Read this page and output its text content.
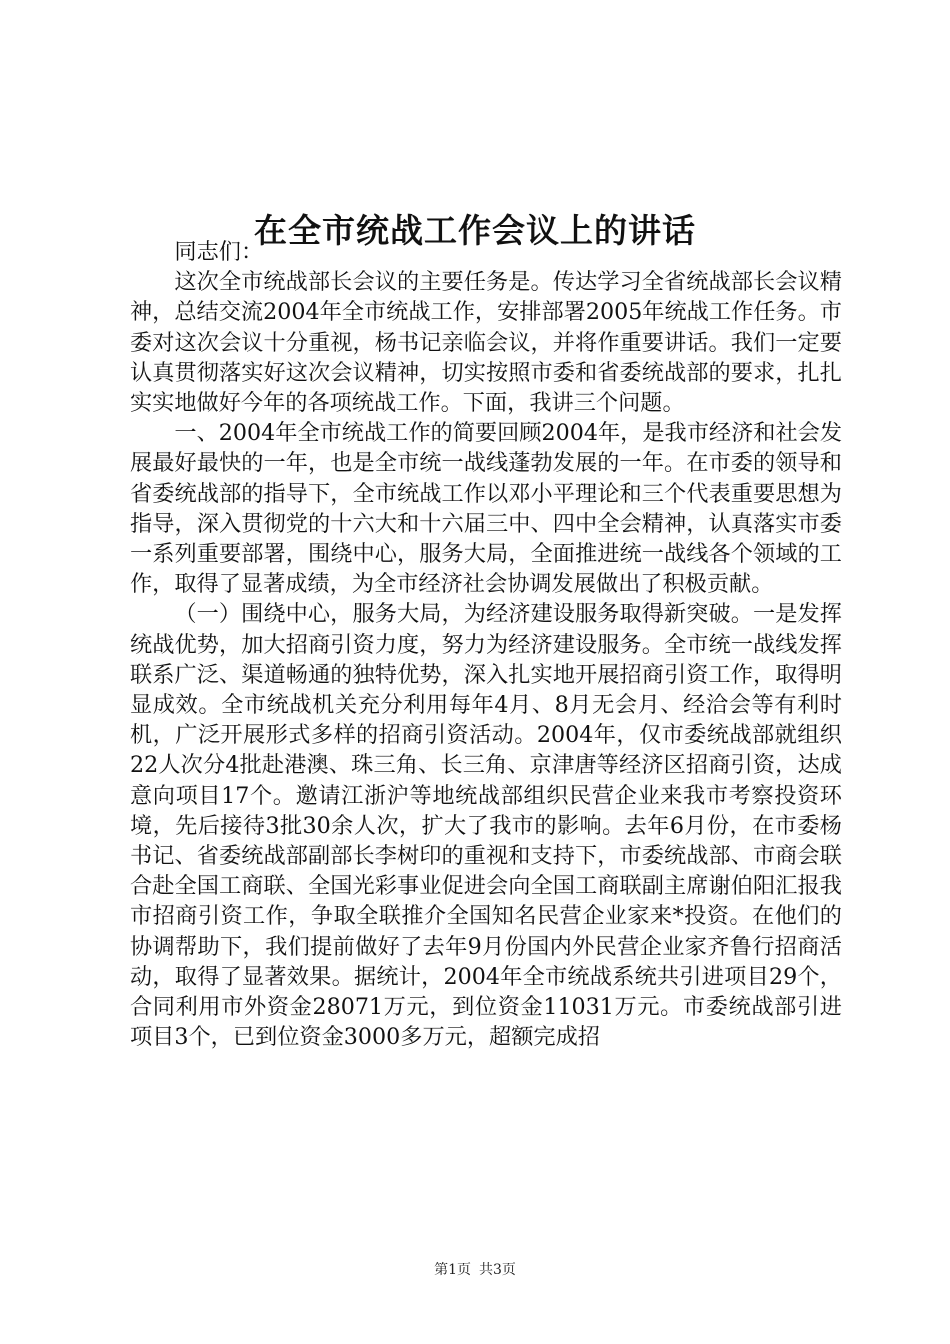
在全市统战工作会议上的讲话

同志们：

这次全市统战部长会议的主要任务是。传达学习全省统战部长会议精神，总结交流2004年全市统战工作，安排部署2005年统战工作任务。市委对这次会议十分重视，杨书记亲临会议，并将作重要讲话。我们一定要认真贯彻落实好这次会议精神，切实按照市委和省委统战部的要求，扎扎实实地做好今年的各项统战工作。下面，我讲三个问题。

一、2004年全市统战工作的简要回顾2004年，是我市经济和社会发展最好最快的一年，也是全市统一战线蓬勃发展的一年。在市委的领导和省委统战部的指导下，全市统战工作以邓小平理论和三个代表重要思想为指导，深入贯彻党的十六大和十六届三中、四中全会精神，认真落实市委一系列重要部署，围绕中心，服务大局，全面推进统一战线各个领域的工作，取得了显著成绩，为全市经济社会协调发展做出了积极贡献。

（一）围绕中心，服务大局，为经济建设服务取得新突破。一是发挥统战优势，加大招商引资力度，努力为经济建设服务。全市统一战线发挥联系广泛、渠道畅通的独特优势，深入扎实地开展招商引资工作，取得明显成效。全市统战机关充分利用每年4月、8月无会月、经洽会等有利时机，广泛开展形式多样的招商引资活动。2004年，仅市委统战部就组织22人次分4批赴港澳、珠三角、长三角、京津唐等经济区招商引资，达成意向项目17个。邀请江浙沪等地统战部组织民营企业来我市考察投资环境，先后接待3批30余人次，扩大了我市的影响。去年6月份，在市委杨书记、省委统战部副部长李树印的重视和支持下，市委统战部、市商会联合赴全国工商联、全国光彩事业促进会向全国工商联副主席谢伯阳汇报我市招商引资工作，争取全联推介全国知名民营企业家来*投资。在他们的协调帮助下，我们提前做好了去年9月份国内外民营企业家齐鲁行招商活动，取得了显著效果。据统计，2004年全市统战系统共引进项目29个，合同利用市外资金28071万元，到位资金11031万元。市委统战部引进项目3个，已到位资金3000多万元，超额完成招

第1页 共3页
